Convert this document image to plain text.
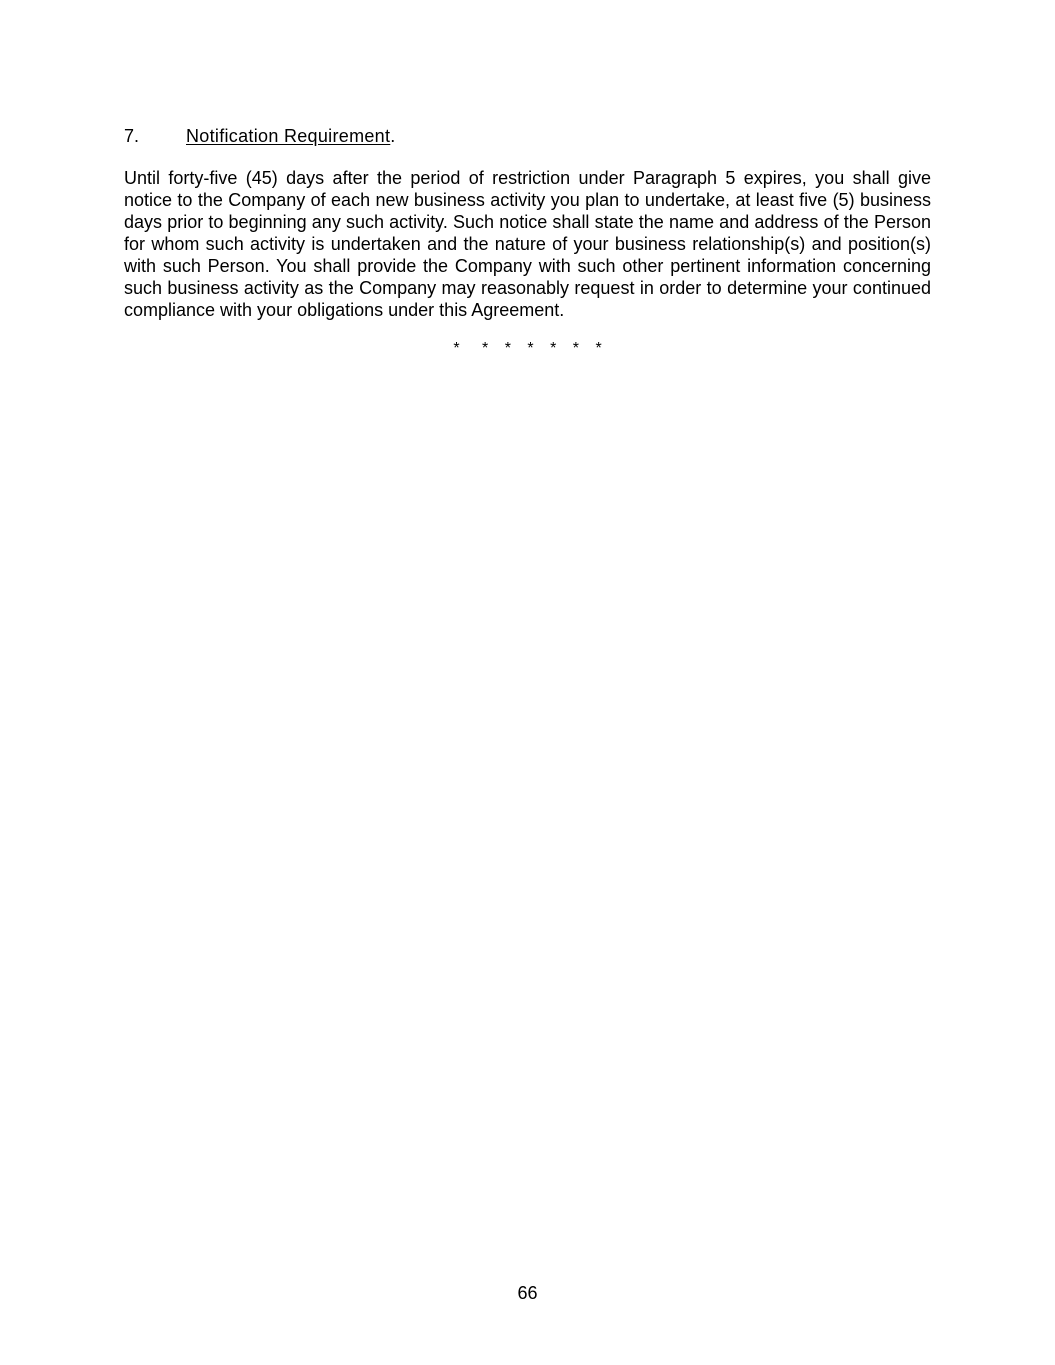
7.	Notification Requirement.

Until forty-five (45) days after the period of restriction under Paragraph 5 expires, you shall give notice to the Company of each new business activity you plan to undertake, at least five (5) business days prior to beginning any such activity. Such notice shall state the name and address of the Person for whom such activity is undertaken and the nature of your business relationship(s) and position(s) with such Person. You shall provide the Company with such other pertinent information concerning such business activity as the Company may reasonably request in order to determine your continued compliance with your obligations under this Agreement.

* * * * * * *
66
